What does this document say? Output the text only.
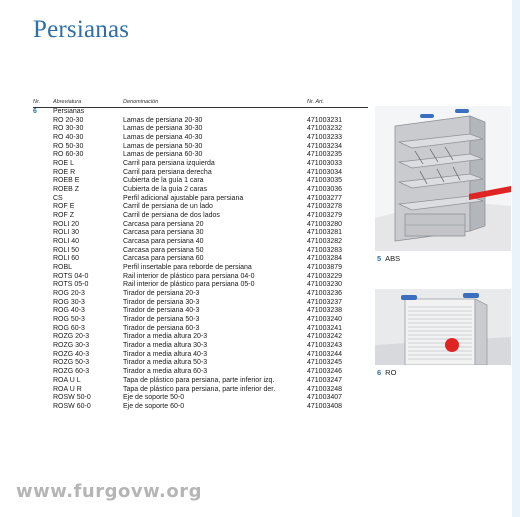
Persianas
Nr. Abreviatura	Denominación	Nr. Art.
6 Persianas
RO 20-30	Lamas de persiana 20-30	471003231
RO 30-30	Lamas de persiana 30-30	471003232
RO 40-30	Lamas de persiana 40-30	471003233
RO 50-30	Lamas de persiana 50-30	471003234
RO 60-30	Lamas de persiana 60-30	471003235
ROE L	Carril para persiana izquierda	471003033
ROE R	Carril para persiana derecha	471003034
ROEB E	Cubierta de la guía 1 cara	471003035
ROEB Z	Cubierta de la guía 2 caras	471003036
CS	Perfil adicional ajustable para persiana	471003277
ROF E	Carril de persiana de un lado	471003278
ROF Z	Carril de persiana de dos lados	471003279
ROLI 20	Carcasa para persiana 20	471003280
ROLI 30	Carcasa para persiana 30	471003281
ROLI 40	Carcasa para persiana 40	471003282
ROLI 50	Carcasa para persiana 50	471003283
ROLI 60	Carcasa para persiana 60	471003284
ROBL	Perfil insertable para reborde de persiana	471003879
ROTS 04-0	Rail interior de plástico para persiana 04-0	471003229
ROTS 05-0	Rail interior de plástico para persiana 05-0	471003230
ROG 20-3	Tirador de persiana 20-3	471003236
ROG 30-3	Tirador de persiana 30-3	471003237
ROG 40-3	Tirador de persiana 40-3	471003238
ROG 50-3	Tirador de persiana 50-3	471003240
ROG 60-3	Tirador de persiana 60-3	471003241
ROZG 20-3	Tirador a media altura 20-3	471003242
ROZG 30-3	Tirador a media altura 30-3	471003243
ROZG 40-3	Tirador a media altura 40-3	471003244
ROZG 50-3	Tirador a media altura 50-3	471003245
ROZG 60-3	Tirador a media altura 60-3	471003246
ROA U L	Tapa de plástico para persiana, parte inferior izq.	471003247
ROA U R	Tapa de plástico para persiana, parte inferior der.	471003248
ROSW 50-0	Eje de soporte 50-0	471003407
ROSW 60-0	Eje de soporte 60-0	471003408
5 ABS
6 RO
www.furgovw.org
